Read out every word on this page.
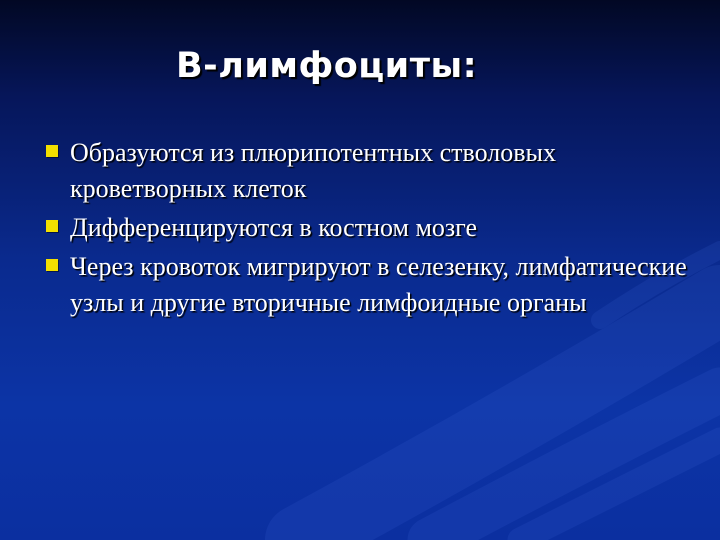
В-лимфоциты:
Образуются из плюрипотентных стволовых кроветворных клеток
Дифференцируются в костном мозге
Через кровоток мигрируют в селезенку, лимфатические узлы и другие вторичные лимфоидные органы
